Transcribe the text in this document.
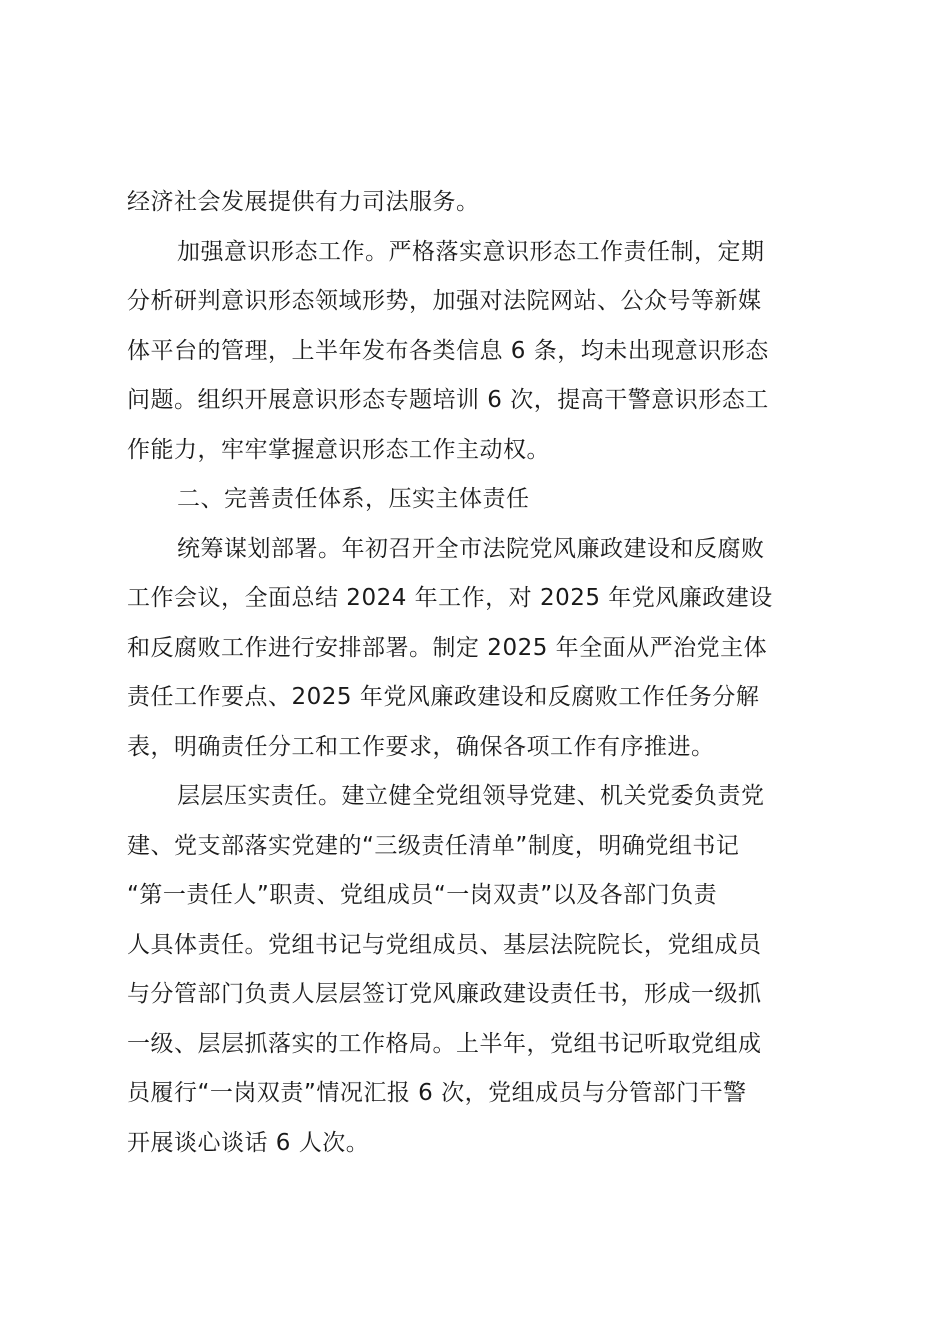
经济社会发展提供有力司法服务。
加强意识形态工作。严格落实意识形态工作责任制，定期
分析研判意识形态领域形势，加强对法院网站、公众号等新媒
体平台的管理，上半年发布各类信息 6 条，均未出现意识形态
问题。组织开展意识形态专题培训 6 次，提高干警意识形态工
作能力，牢牢掌握意识形态工作主动权。
二、完善责任体系，压实主体责任
统筹谋划部署。年初召开全市法院党风廉政建设和反腐败
工作会议，全面总结 2024 年工作，对 2025 年党风廉政建设
和反腐败工作进行安排部署。制定 2025 年全面从严治党主体
责任工作要点、2025 年党风廉政建设和反腐败工作任务分解
表，明确责任分工和工作要求，确保各项工作有序推进。
层层压实责任。建立健全党组领导党建、机关党委负责党
建、党支部落实党建的“三级责任清单”制度，明确党组书记
“第一责任人”职责、党组成员“一岗双责”以及各部门负责
人具体责任。党组书记与党组成员、基层法院院长，党组成员
与分管部门负责人层层签订党风廉政建设责任书，形成一级抓
一级、层层抓落实的工作格局。上半年，党组书记听取党组成
员履行“一岗双责”情况汇报 6 次，党组成员与分管部门干警
开展谈心谈话 6 人次。
